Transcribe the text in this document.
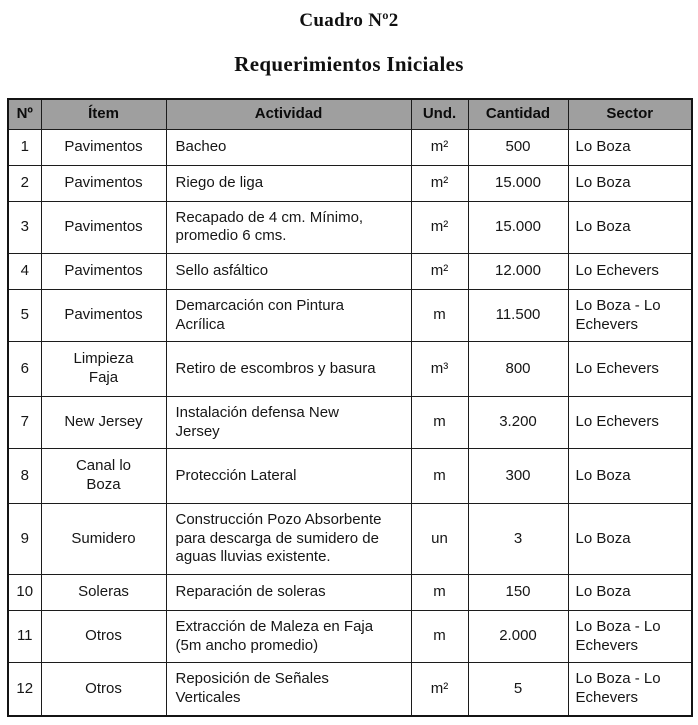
Cuadro Nº2
Requerimientos Iniciales
Nº	Ítem	Actividad	Und.	Cantidad	Sector
1	Pavimentos	Bacheo	m²	500	Lo Boza
2	Pavimentos	Riego de liga	m²	15.000	Lo Boza
3	Pavimentos	Recapado de 4 cm. Mínimo, promedio 6 cms.	m²	15.000	Lo Boza
4	Pavimentos	Sello asfáltico	m²	12.000	Lo Echevers
5	Pavimentos	Demarcación con Pintura Acrílica	m	11.500	Lo Boza - Lo Echevers
6	Limpieza Faja	Retiro de escombros y basura	m³	800	Lo Echevers
7	New Jersey	Instalación defensa New Jersey	m	3.200	Lo Echevers
8	Canal lo Boza	Protección Lateral	m	300	Lo Boza
9	Sumidero	Construcción Pozo Absorbente para descarga de sumidero de aguas lluvias existente.	un	3	Lo Boza
10	Soleras	Reparación de soleras	m	150	Lo Boza
11	Otros	Extracción de Maleza en Faja (5m ancho promedio)	m	2.000	Lo Boza - Lo Echevers
12	Otros	Reposición de Señales Verticales	m²	5	Lo Boza - Lo Echevers
